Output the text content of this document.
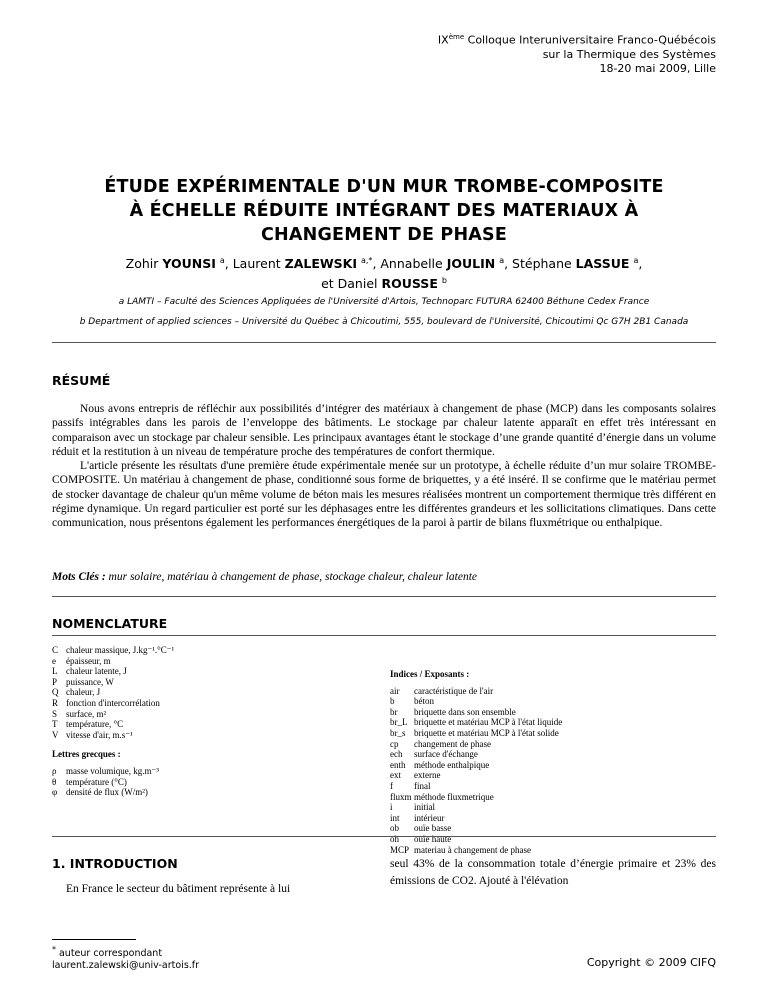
IXème Colloque Interuniversitaire Franco-Québécois
sur la Thermique des Systèmes
18-20 mai 2009, Lille
ÉTUDE EXPÉRIMENTALE D'UN MUR TROMBE-COMPOSITE À ÉCHELLE RÉDUITE INTÉGRANT DES MATERIAUX À CHANGEMENT DE PHASE
Zohir YOUNSI $^a$, Laurent ZALEWSKI $^{a,*}$, Annabelle JOULIN $^a$, Stéphane LASSUE $^a$,
et Daniel ROUSSE $^b$
a LAMTI – Faculté des Sciences Appliquées de l'Université d'Artois, Technoparc FUTURA 62400 Béthune Cedex France
b Department of applied sciences – Université du Québec à Chicoutimi, 555, boulevard de l'Université, Chicoutimi Qc G7H 2B1 Canada
RÉSUMÉ

Nous avons entrepris de réfléchir aux possibilités d’intégrer des matériaux à changement de phase (MCP) dans les composants solaires passifs intégrables dans les parois de l’enveloppe des bâtiments. Le stockage par chaleur latente apparaît en effet très intéressant en comparaison avec un stockage par chaleur sensible. Les principaux avantages étant le stockage d’une grande quantité d’énergie dans un volume réduit et la restitution à un niveau de température proche des températures de confort thermique.

L'article présente les résultats d'une première étude expérimentale menée sur un prototype, à échelle réduite d’un mur solaire TROMBE-COMPOSITE. Un matériau à changement de phase, conditionné sous forme de briquettes, y a été inséré. Il se confirme que le matériau permet de stocker davantage de chaleur qu'un même volume de béton mais les mesures réalisées montrent un comportement thermique très différent en régime dynamique. Un regard particulier est porté sur les déphasages entre les différentes grandeurs et les sollicitations climatiques. Dans cette communication, nous présentons également les performances énergétiques de la paroi à partir de bilans fluxmétrique ou enthalpique.

Mots Clés : mur solaire, matériau à changement de phase, stockage chaleur, chaleur latente
NOMENCLATURE
C chaleur massique, J.kg⁻¹.°C⁻¹
e	épaisseur, m
L chaleur latente, J
P puissance, W
Q chaleur, J
R fonction d'intercorrélation
S surface, m²
T température, °C
V vitesse d'air, m.s⁻¹
Lettres grecques :
ρ	masse volumique, kg.m⁻³
θ	température (°C)
φ densité de flux (W/m²)
Indices / Exposants :
air	caractéristique de l'air
b	béton
br	briquette dans son ensemble
br_L briquette et matériau MCP à l'état liquide
br_s briquette et matériau MCP à l'état solide
cp	changement de phase
ech	surface d'échange
enth méthode enthalpique
ext	externe
f	final
fluxm méthode fluxmetrique
i	initial
int	intérieur
ob	ouïe basse
oh	ouïe haute
MCP materiau à changement de phase
1. INTRODUCTION
En France le secteur du bâtiment représente à lui
seul 43% de la consommation totale d’énergie primaire et 23% des émissions de CO2. Ajouté à l'élévation
* auteur correspondant
laurent.zalewski@univ-artois.fr	Copyright © 2009 CIFQ
